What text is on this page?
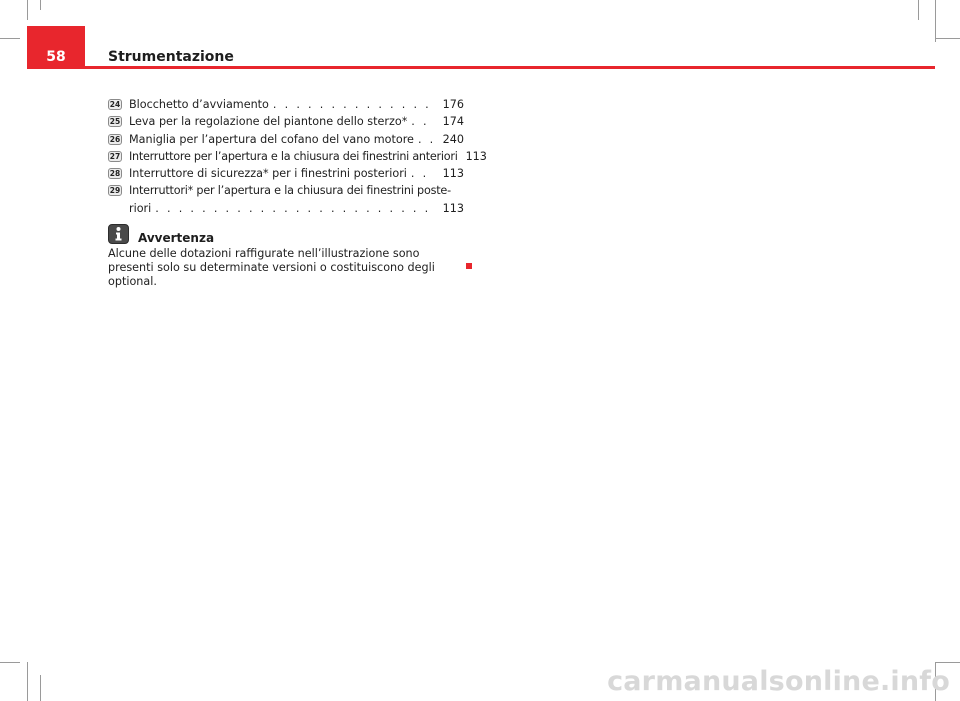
58	Strumentazione
24 Blocchetto d’avviamento . . .	176
25 Leva per la regolazione del piantone dello sterzo* . . .	174
26 Maniglia per l’apertura del cofano del vano motore . . .	240
27 Interruttore per l’apertura e la chiusura dei finestrini anteriori 113
28 Interruttore di sicurezza* per i finestrini posteriori . . .	113
29 Interruttori* per l’apertura e la chiusura dei finestrini poste-
riori . . .	113
Avvertenza
Alcune delle dotazioni raffigurate nell’illustrazione sono presenti solo su determinate versioni o costituiscono degli optional.
carmanualsonline.info
